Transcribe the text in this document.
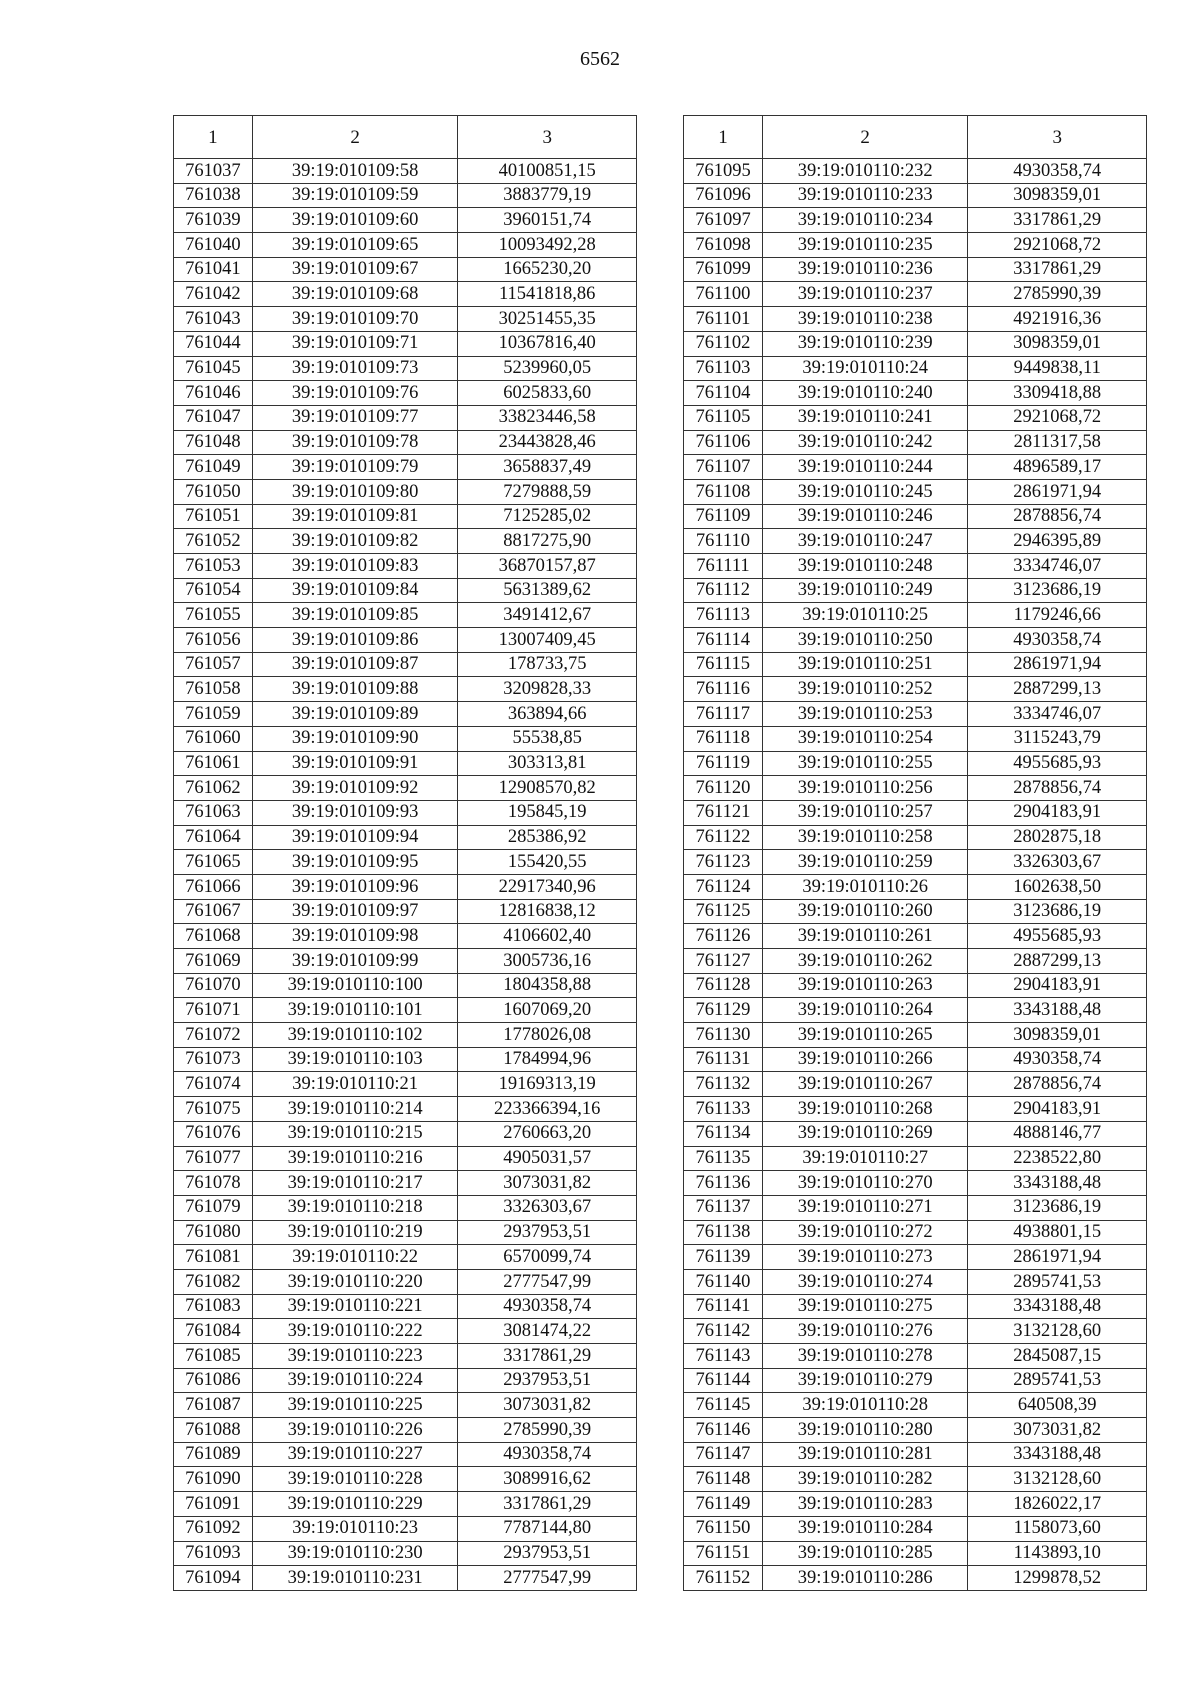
6562
1	2	3
761037	39:19:010109:58	40100851,15
761038	39:19:010109:59	3883779,19
761039	39:19:010109:60	3960151,74
761040	39:19:010109:65	10093492,28
761041	39:19:010109:67	1665230,20
761042	39:19:010109:68	11541818,86
761043	39:19:010109:70	30251455,35
761044	39:19:010109:71	10367816,40
761045	39:19:010109:73	5239960,05
761046	39:19:010109:76	6025833,60
761047	39:19:010109:77	33823446,58
761048	39:19:010109:78	23443828,46
761049	39:19:010109:79	3658837,49
761050	39:19:010109:80	7279888,59
761051	39:19:010109:81	7125285,02
761052	39:19:010109:82	8817275,90
761053	39:19:010109:83	36870157,87
761054	39:19:010109:84	5631389,62
761055	39:19:010109:85	3491412,67
761056	39:19:010109:86	13007409,45
761057	39:19:010109:87	178733,75
761058	39:19:010109:88	3209828,33
761059	39:19:010109:89	363894,66
761060	39:19:010109:90	55538,85
761061	39:19:010109:91	303313,81
761062	39:19:010109:92	12908570,82
761063	39:19:010109:93	195845,19
761064	39:19:010109:94	285386,92
761065	39:19:010109:95	155420,55
761066	39:19:010109:96	22917340,96
761067	39:19:010109:97	12816838,12
761068	39:19:010109:98	4106602,40
761069	39:19:010109:99	3005736,16
761070	39:19:010110:100	1804358,88
761071	39:19:010110:101	1607069,20
761072	39:19:010110:102	1778026,08
761073	39:19:010110:103	1784994,96
761074	39:19:010110:21	19169313,19
761075	39:19:010110:214	223366394,16
761076	39:19:010110:215	2760663,20
761077	39:19:010110:216	4905031,57
761078	39:19:010110:217	3073031,82
761079	39:19:010110:218	3326303,67
761080	39:19:010110:219	2937953,51
761081	39:19:010110:22	6570099,74
761082	39:19:010110:220	2777547,99
761083	39:19:010110:221	4930358,74
761084	39:19:010110:222	3081474,22
761085	39:19:010110:223	3317861,29
761086	39:19:010110:224	2937953,51
761087	39:19:010110:225	3073031,82
761088	39:19:010110:226	2785990,39
761089	39:19:010110:227	4930358,74
761090	39:19:010110:228	3089916,62
761091	39:19:010110:229	3317861,29
761092	39:19:010110:23	7787144,80
761093	39:19:010110:230	2937953,51
761094	39:19:010110:231	2777547,99
1	2	3
761095	39:19:010110:232	4930358,74
761096	39:19:010110:233	3098359,01
761097	39:19:010110:234	3317861,29
761098	39:19:010110:235	2921068,72
761099	39:19:010110:236	3317861,29
761100	39:19:010110:237	2785990,39
761101	39:19:010110:238	4921916,36
761102	39:19:010110:239	3098359,01
761103	39:19:010110:24	9449838,11
761104	39:19:010110:240	3309418,88
761105	39:19:010110:241	2921068,72
761106	39:19:010110:242	2811317,58
761107	39:19:010110:244	4896589,17
761108	39:19:010110:245	2861971,94
761109	39:19:010110:246	2878856,74
761110	39:19:010110:247	2946395,89
761111	39:19:010110:248	3334746,07
761112	39:19:010110:249	3123686,19
761113	39:19:010110:25	1179246,66
761114	39:19:010110:250	4930358,74
761115	39:19:010110:251	2861971,94
761116	39:19:010110:252	2887299,13
761117	39:19:010110:253	3334746,07
761118	39:19:010110:254	3115243,79
761119	39:19:010110:255	4955685,93
761120	39:19:010110:256	2878856,74
761121	39:19:010110:257	2904183,91
761122	39:19:010110:258	2802875,18
761123	39:19:010110:259	3326303,67
761124	39:19:010110:26	1602638,50
761125	39:19:010110:260	3123686,19
761126	39:19:010110:261	4955685,93
761127	39:19:010110:262	2887299,13
761128	39:19:010110:263	2904183,91
761129	39:19:010110:264	3343188,48
761130	39:19:010110:265	3098359,01
761131	39:19:010110:266	4930358,74
761132	39:19:010110:267	2878856,74
761133	39:19:010110:268	2904183,91
761134	39:19:010110:269	4888146,77
761135	39:19:010110:27	2238522,80
761136	39:19:010110:270	3343188,48
761137	39:19:010110:271	3123686,19
761138	39:19:010110:272	4938801,15
761139	39:19:010110:273	2861971,94
761140	39:19:010110:274	2895741,53
761141	39:19:010110:275	3343188,48
761142	39:19:010110:276	3132128,60
761143	39:19:010110:278	2845087,15
761144	39:19:010110:279	2895741,53
761145	39:19:010110:28	640508,39
761146	39:19:010110:280	3073031,82
761147	39:19:010110:281	3343188,48
761148	39:19:010110:282	3132128,60
761149	39:19:010110:283	1826022,17
761150	39:19:010110:284	1158073,60
761151	39:19:010110:285	1143893,10
761152	39:19:010110:286	1299878,52
